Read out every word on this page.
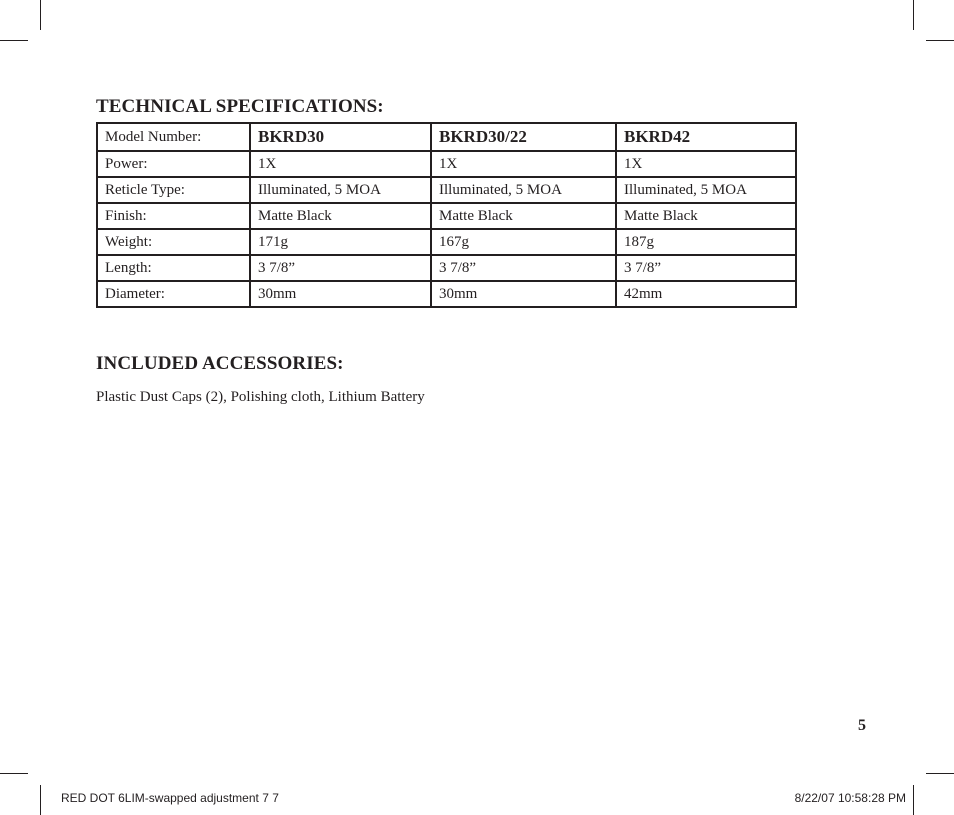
TECHNICAL SPECIFICATIONS:
Model Number:	BKRD30	BKRD30/22	BKRD42
Power:	1X	1X	1X
Reticle Type:	Illuminated, 5 MOA	Illuminated, 5 MOA	Illuminated, 5 MOA
Finish:	Matte Black	Matte Black	Matte Black
Weight:	171g	167g	187g
Length:	3 7/8”	3 7/8”	3 7/8”
Diameter:	30mm	30mm	42mm
INCLUDED ACCESSORIES:
Plastic Dust Caps (2), Polishing cloth, Lithium Battery
5
RED DOT 6LIM-swapped adjustment 7 7	8/22/07 10:58:28 PM
